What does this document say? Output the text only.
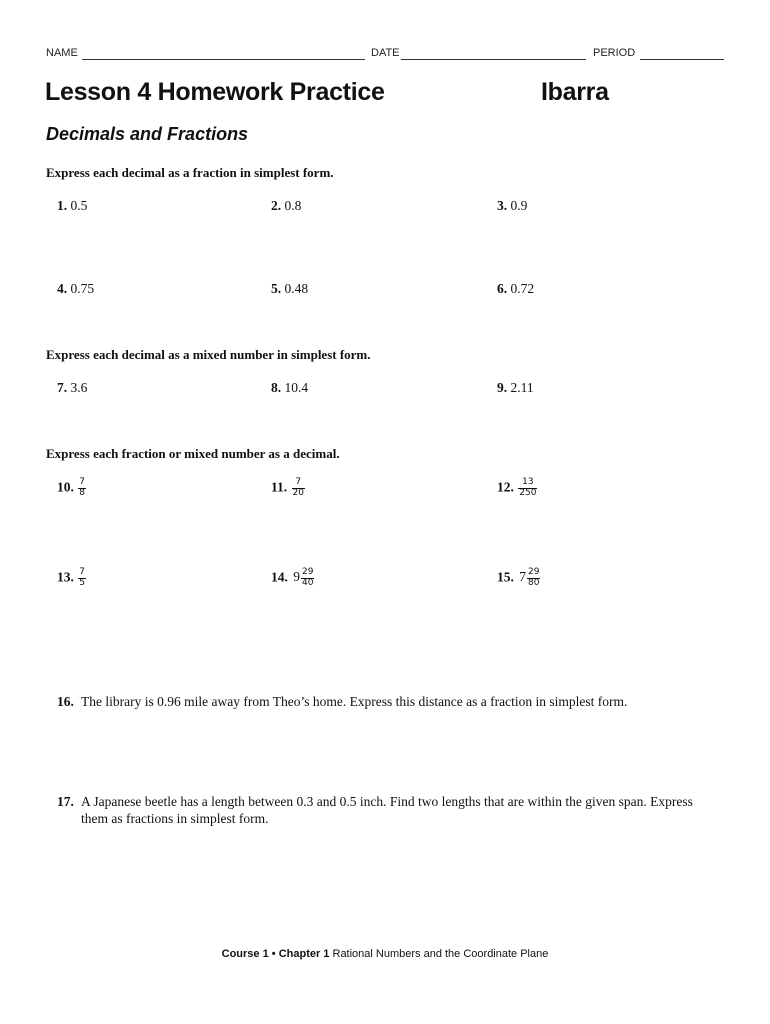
NAME	DATE	PERIOD
Lesson 4 Homework Practice	Ibarra
Decimals and Fractions
Express each decimal as a fraction in simplest form.
1. 0.5	2. 0.8	3. 0.9
4. 0.75	5. 0.48	6. 0.72
Express each decimal as a mixed number in simplest form.
7. 3.6	8. 10.4	9. 2.11
Express each fraction or mixed number as a decimal.
10. $\frac{7}{8}$	11. $\frac{7}{20}$	12. $\frac{13}{250}$
13. $\frac{7}{5}$	14. $9 \frac{29}{40}$	15. $7 \frac{29}{80}$
16. The library is 0.96 mile away from Theo’s home. Express this distance as a fraction in simplest form.
17. A Japanese beetle has a length between 0.3 and 0.5 inch. Find two lengths that are within the given span. Express them as fractions in simplest form.
Course 1 • Chapter 1 Rational Numbers and the Coordinate Plane
